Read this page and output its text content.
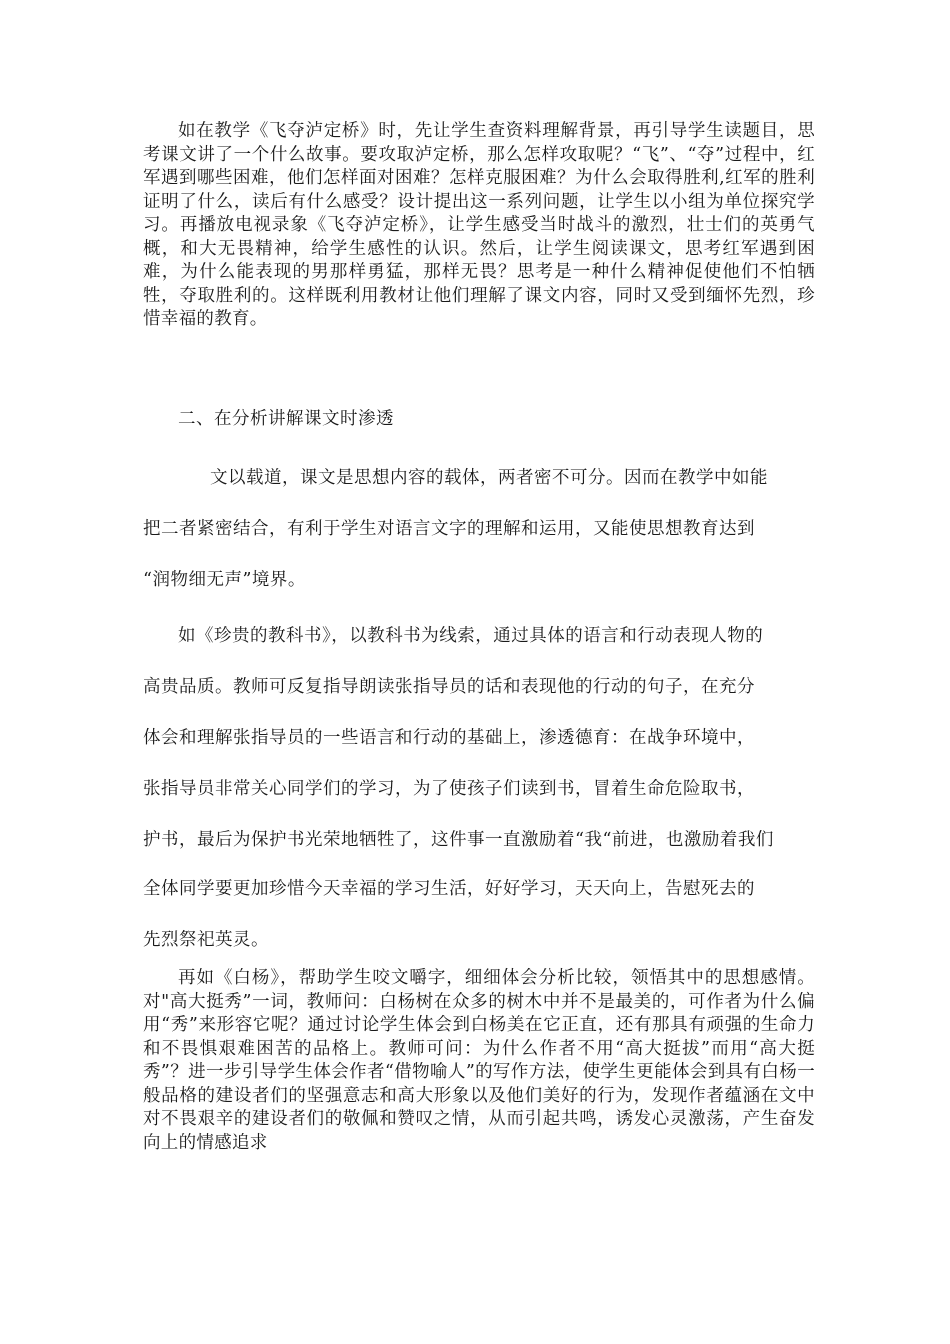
如在教学《飞夺泸定桥》时，先让学生查资料理解背景，再引导学生读题目，思考课文讲了一个什么故事。要攻取泸定桥，那么怎样攻取呢？“飞”、“夺”过程中，红军遇到哪些困难，他们怎样面对困难？怎样克服困难？为什么会取得胜利,红军的胜利证明了什么，读后有什么感受？设计提出这一系列问题，让学生以小组为单位探究学习。再播放电视录象《飞夺泸定桥》，让学生感受当时战斗的激烈，壮士们的英勇气概，和大无畏精神，给学生感性的认识。然后，让学生阅读课文，思考红军遇到困难，为什么能表现的男那样勇猛，那样无畏？思考是一种什么精神促使他们不怕牺牲，夺取胜利的。这样既利用教材让他们理解了课文内容，同时又受到缅怀先烈，珍惜幸福的教育。

二、在分析讲解课文时渗透

文以载道，课文是思想内容的载体，两者密不可分。因而在教学中如能

把二者紧密结合，有利于学生对语言文字的理解和运用，又能使思想教育达到

“润物细无声”境界。

如《珍贵的教科书》，以教科书为线索，通过具体的语言和行动表现人物的

高贵品质。教师可反复指导朗读张指导员的话和表现他的行动的句子，在充分

体会和理解张指导员的一些语言和行动的基础上，渗透德育：在战争环境中，

张指导员非常关心同学们的学习，为了使孩子们读到书，冒着生命危险取书，

护书，最后为保护书光荣地牺牲了，这件事一直激励着“我“前进，也激励着我们

全体同学要更加珍惜今天幸福的学习生活，好好学习，天天向上，告慰死去的

先烈祭祀英灵。

再如《白杨》，帮助学生咬文嚼字，细细体会分析比较，领悟其中的思想感情。对"高大挺秀”一词，教师问：白杨树在众多的树木中并不是最美的，可作者为什么偏用“秀”来形容它呢？通过讨论学生体会到白杨美在它正直，还有那具有顽强的生命力和不畏惧艰难困苦的品格上。教师可问：为什么作者不用“高大挺拔”而用“高大挺秀”？进一步引导学生体会作者“借物喻人”的写作方法，使学生更能体会到具有白杨一般品格的建设者们的坚强意志和高大形象以及他们美好的行为，发现作者蕴涵在文中对不畏艰辛的建设者们的敬佩和赞叹之情，从而引起共鸣，诱发心灵激荡，产生奋发向上的情感追求
